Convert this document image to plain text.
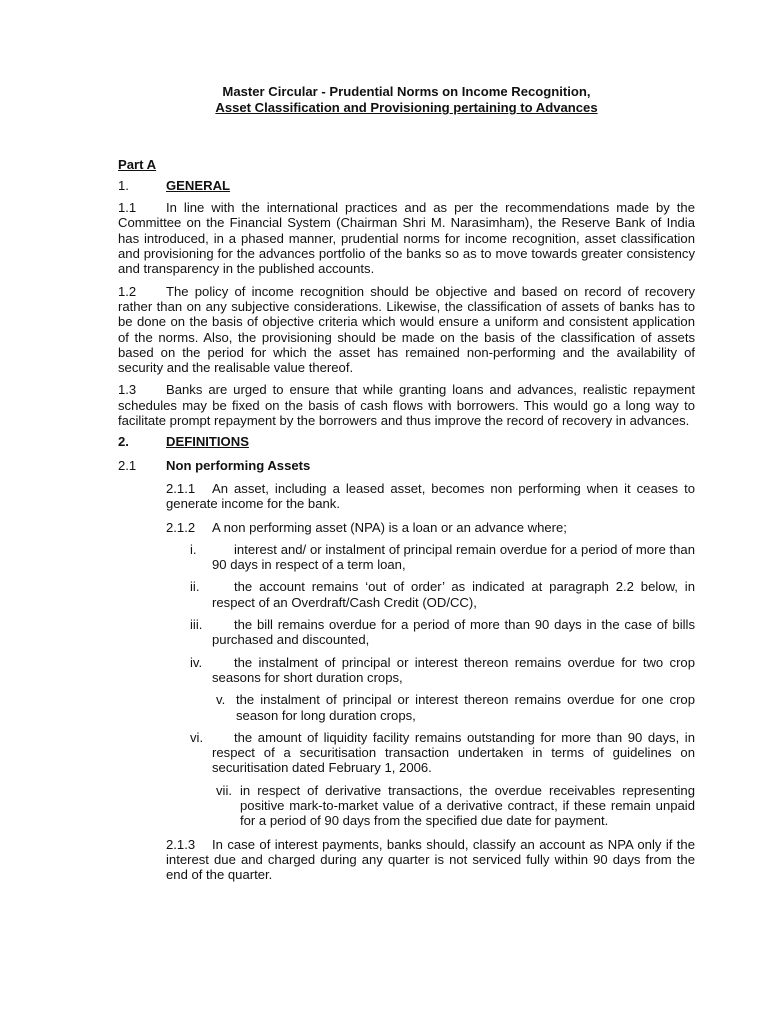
Master Circular - Prudential Norms on Income Recognition,
Asset Classification and Provisioning pertaining to Advances
Part A
1.	GENERAL
1.1 In line with the international practices and as per the recommendations made by the Committee on the Financial System (Chairman Shri M. Narasimham), the Reserve Bank of India has introduced, in a phased manner, prudential norms for income recognition, asset classification and provisioning for the advances portfolio of the banks so as to move towards greater consistency and transparency in the published accounts.
1.2 The policy of income recognition should be objective and based on record of recovery rather than on any subjective considerations. Likewise, the classification of assets of banks has to be done on the basis of objective criteria which would ensure a uniform and consistent application of the norms. Also, the provisioning should be made on the basis of the classification of assets based on the period for which the asset has remained non-performing and the availability of security and the realisable value thereof.
1.3 Banks are urged to ensure that while granting loans and advances, realistic repayment schedules may be fixed on the basis of cash flows with borrowers. This would go a long way to facilitate prompt repayment by the borrowers and thus improve the record of recovery in advances.
2.	DEFINITIONS
2.1	Non performing Assets
2.1.1 An asset, including a leased asset, becomes non performing when it ceases to generate income for the bank.
2.1.2 A non performing asset (NPA) is a loan or an advance where;
i.	interest and/ or instalment of principal remain overdue for a period of more than 90 days in respect of a term loan,
ii.	the account remains ‘out of order’ as indicated at paragraph 2.2 below, in respect of an Overdraft/Cash Credit (OD/CC),
iii.	the bill remains overdue for a period of more than 90 days in the case of bills purchased and discounted,
iv.	the instalment of principal or interest thereon remains overdue for two crop seasons for short duration crops,
v. the instalment of principal or interest thereon remains overdue for one crop season for long duration crops,
vi.	the amount of liquidity facility remains outstanding for more than 90 days, in respect of a securitisation transaction undertaken in terms of guidelines on securitisation dated February 1, 2006.
vii. in respect of derivative transactions, the overdue receivables representing positive mark-to-market value of a derivative contract, if these remain unpaid for a period of 90 days from the specified due date for payment.
2.1.3 In case of interest payments, banks should, classify an account as NPA only if the interest due and charged during any quarter is not serviced fully within 90 days from the end of the quarter.
